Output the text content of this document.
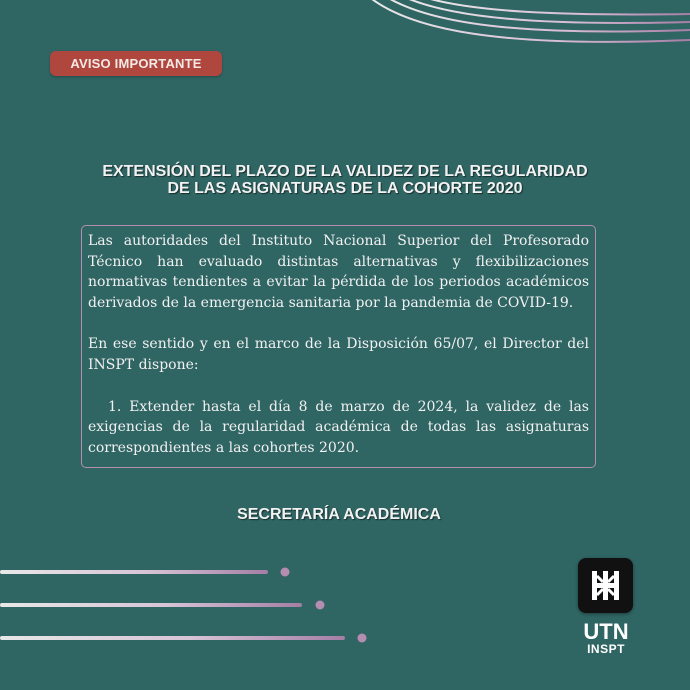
AVISO IMPORTANTE
EXTENSIÓN DEL PLAZO DE LA VALIDEZ DE LA REGULARIDAD
DE LAS ASIGNATURAS DE LA COHORTE 2020

Las autoridades del Instituto Nacional Superior del Profesorado Técnico han evaluado distintas alternativas y flexibilizaciones normativas tendientes a evitar la pérdida de los periodos académicos derivados de la emergencia sanitaria por la pandemia de COVID-19.

En ese sentido y en el marco de la Disposición 65/07, el Director del INSPT dispone:

1. Extender hasta el día 8 de marzo de 2024, la validez de las exigencias de la regularidad académica de todas las asignaturas correspondientes a las cohortes 2020.

SECRETARÍA ACADÉMICA
UTN
INSPT
